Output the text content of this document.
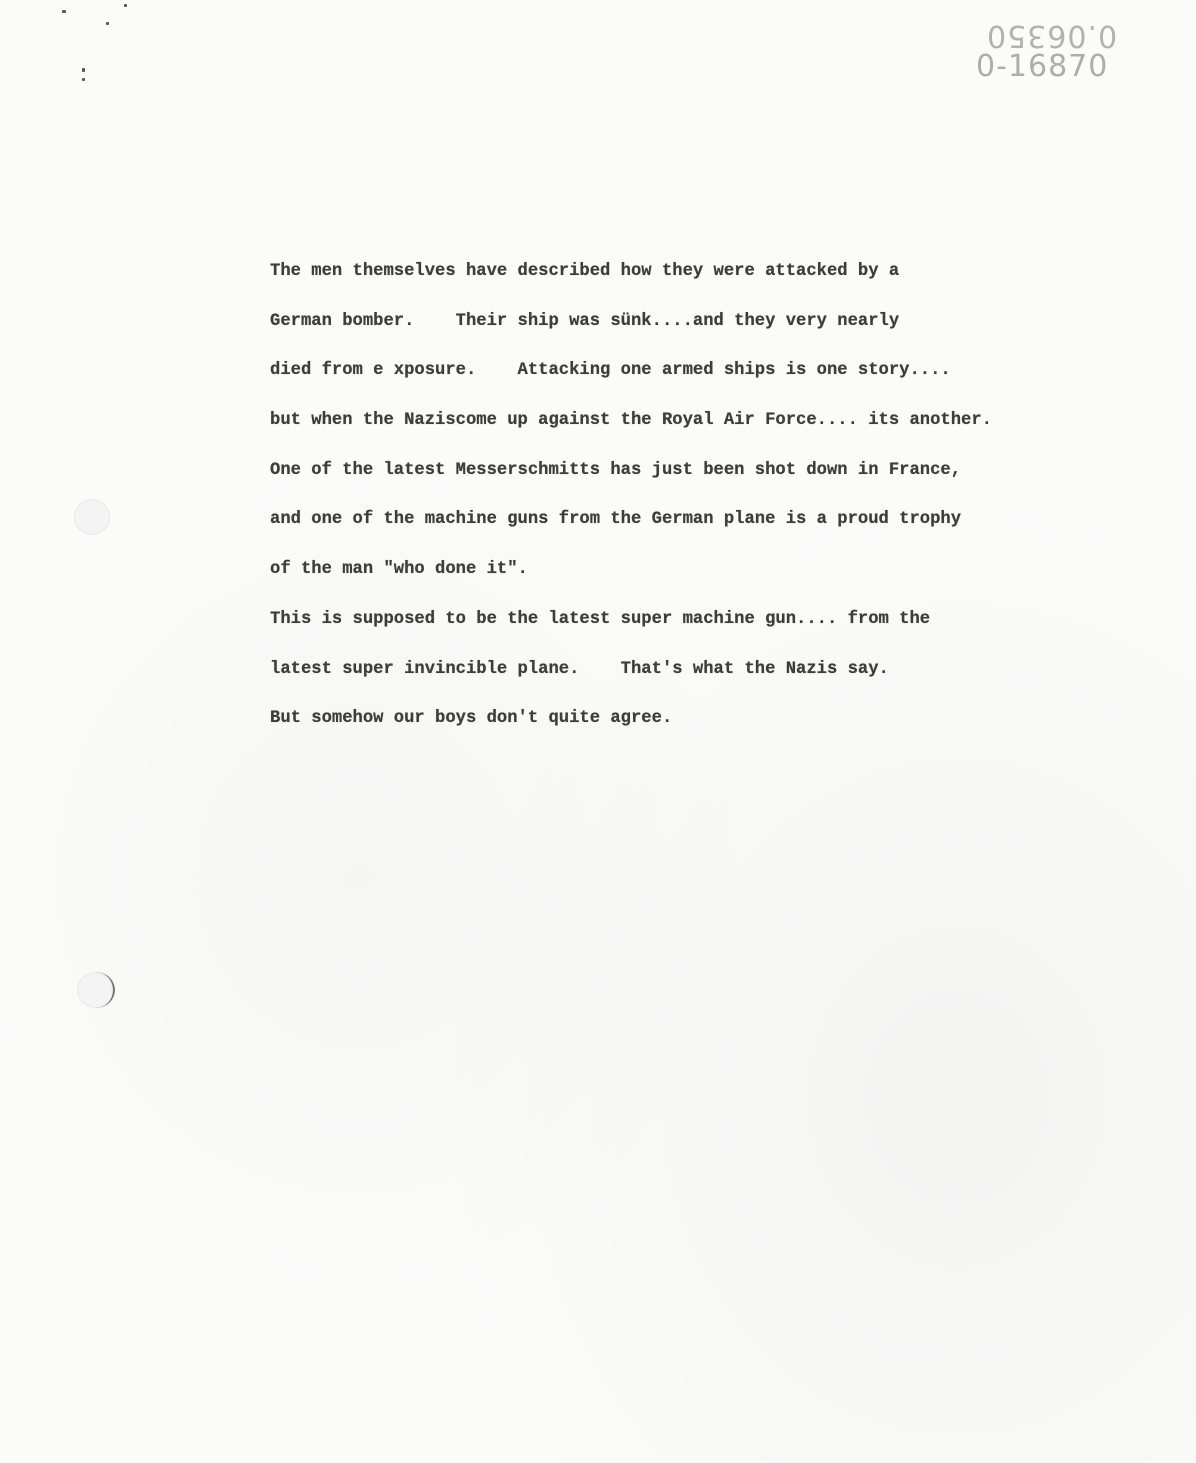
0.06350
0-16870
The men themselves have described how they were attacked by a
German bomber.    Their ship was sünk....and they very nearly
died from e xposure.    Attacking one armed ships is one story....
but when the Naziscome up against the Royal Air Force.... its another.
One of the latest Messerschmitts has just been shot down in France,
and one of the machine guns from the German plane is a proud trophy
of the man "who done it".
This is supposed to be the latest super machine gun.... from the
latest super invincible plane.    That's what the Nazis say.
But somehow our boys don't quite agree.
